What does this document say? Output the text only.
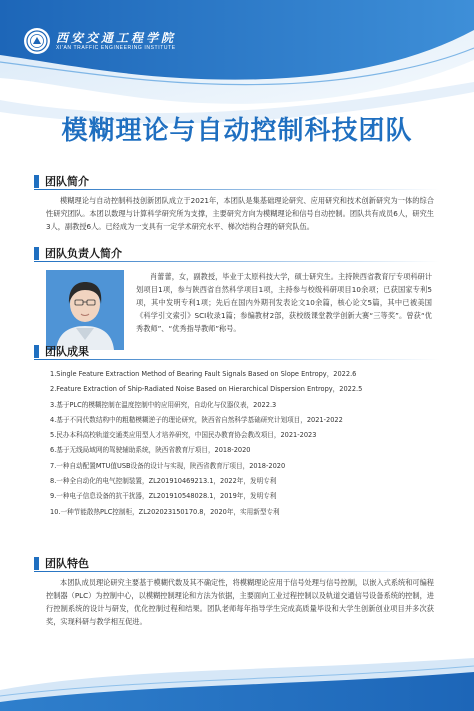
西安交通工程学院
XI'AN TRAFFIC ENGINEERING INSTITUTE
模糊理论与自动控制科技团队
团队简介
模糊理论与自动控制科技创新团队成立于2021年，本团队是集基础理论研究、应用研究和技术创新研究为一体的综合性研究团队。本团以数理与计算科学研究所为支撑，主要研究方向为模糊理论和信号自动控制。团队共有成员6人，研究生3人，副教授6人。已经成为一支具有一定学术研究水平、梯次结构合理的研究队伍。
团队负责人简介
肖蕾蕾，女，副教授，毕业于太原科技大学，硕士研究生。主持陕西省教育厅专项科研计划项目1项，参与陕西省自然科学项目1项，主持参与校级科研项目10余项；已获国家专利5项，其中发明专利1项；先后在国内外期刊发表论文10余篇，核心论文5篇，其中已被美国《科学引文索引》SCI收录1篇；参编教材2部，获校级课堂教学创新大赛“三等奖”。曾获“优秀教师”、“优秀指导教师”称号。
团队成果
1.Single Feature Extraction Method of Bearing Fault Signals Based on Slope Entropy，2022.6
2.Feature Extraction of Ship-Radiated Noise Based on Hierarchical Dispersion Entropy，2022.5
3.基于PLC的模糊控制在温度控制中的应用研究，自动化与仪器仪表，2022.3
4.基于不同代数结构中的粗糙模糊逆子的理论研究，陕西省自然科学基础研究计划项目，2021-2022
5.民办本科高校轨道交通类应用型人才培养研究，中国民办教育协会教改项目，2021-2023
6.基于无线局域网的驾驶辅助系统，陕西省教育厅项目，2018-2020
7.一种自动配置MTU值USB设备的设计与实现，陕西省教育厅项目，2018-2020
8.一种全自动化的电气控制装置，ZL201910469213.1，2022年，发明专利
9.一种电子信息设备的抗干扰器，ZL201910548028.1，2019年，发明专利
10.一种节能散热PLC控制柜，ZL202023150170.8，2020年，实用新型专利
团队特色
本团队成员理论研究主要基于模糊代数及其不确定性，将模糊理论应用于信号处理与信号控制，以嵌入式系统和可编程控制器（PLC）为控制中心，以模糊控制理论和方法为依据，主要面向工业过程控制以及轨道交通信号设备系统的控制，进行控制系统的设计与研发，优化控制过程和结果。团队老师每年指导学生完成高质量毕设和大学生创新创业项目并多次获奖，实现科研与教学相互促进。
